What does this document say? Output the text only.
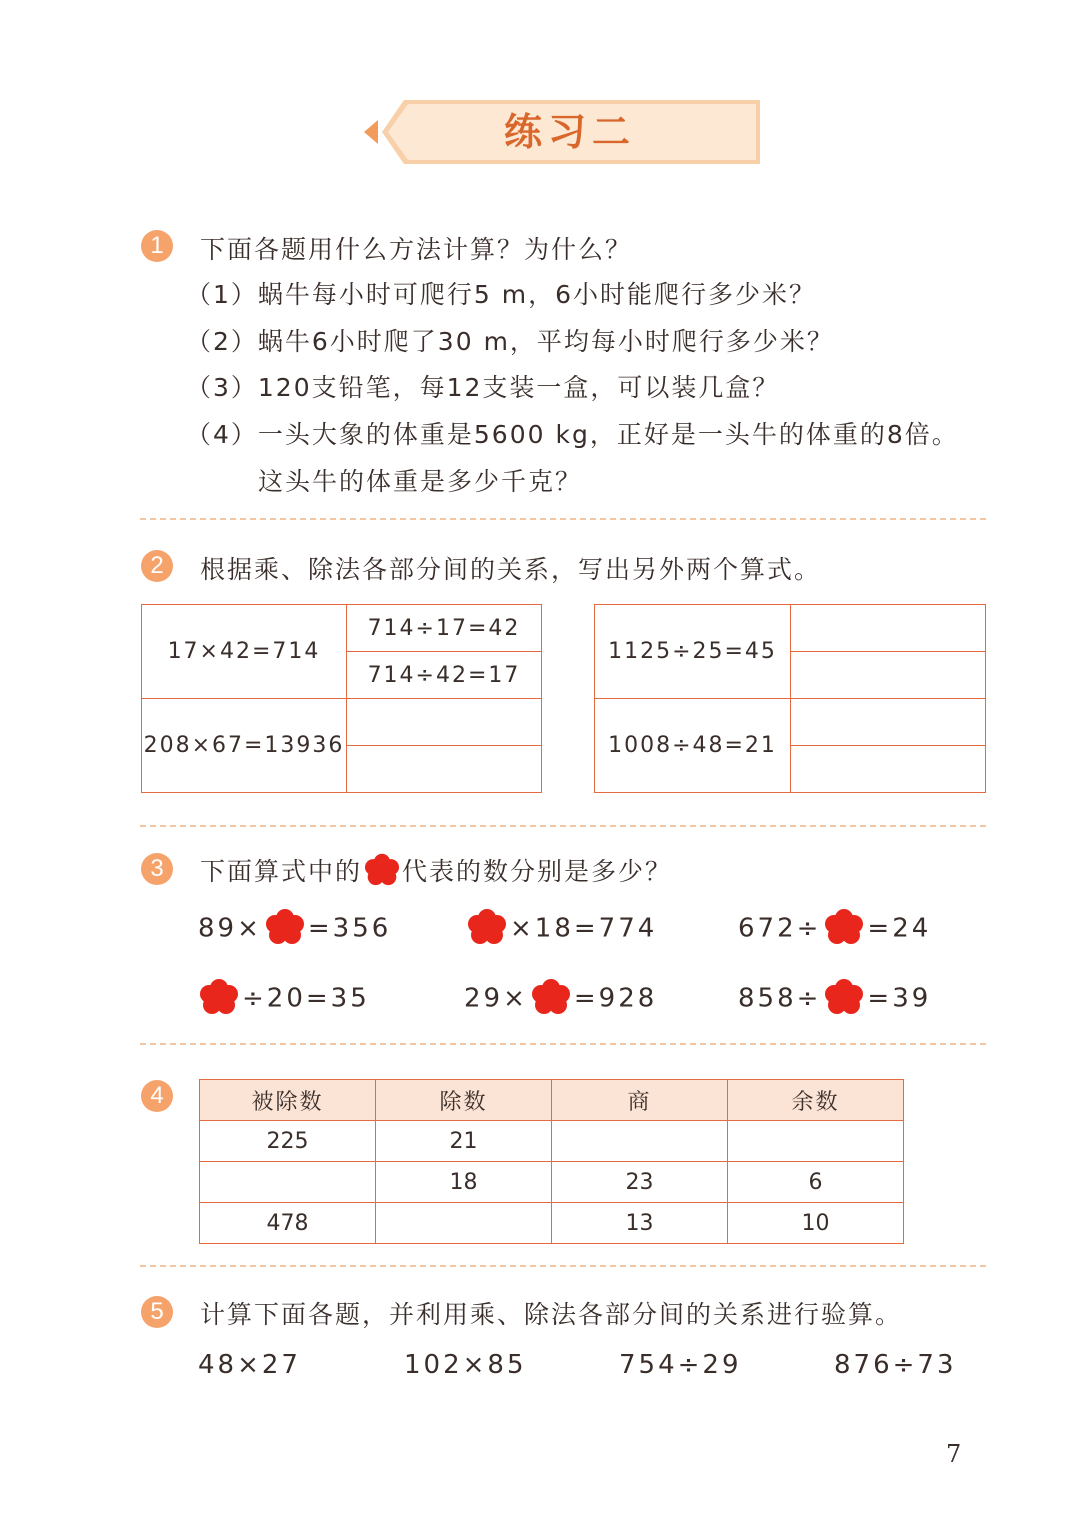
练习二
1	下面各题用什么方法计算？为什么？
（1）蜗牛每小时可爬行5 m，6小时能爬行多少米？
（2）蜗牛6小时爬了30 m，平均每小时爬行多少米？
（3）120支铅笔，每12支装一盒，可以装几盒？
（4）一头大象的体重是5600 kg，正好是一头牛的体重的8倍。
这头牛的体重是多少千克？
2	根据乘、除法各部分间的关系，写出另外两个算式。
17×42=714	714÷17=42
	714÷42=17
208×67=13936	

1125÷25=45	

1008÷48=21	

3	下面算式中的 代表的数分别是多少？
89× =356	×18=774	672÷ =24
÷20=35	29× =928	858÷ =39
4	被除数	除数	商	余数
225	21		
	18	23	6
478		13	10
5	计算下面各题，并利用乘、除法各部分间的关系进行验算。
48×27	102×85	754÷29	876÷73
7
